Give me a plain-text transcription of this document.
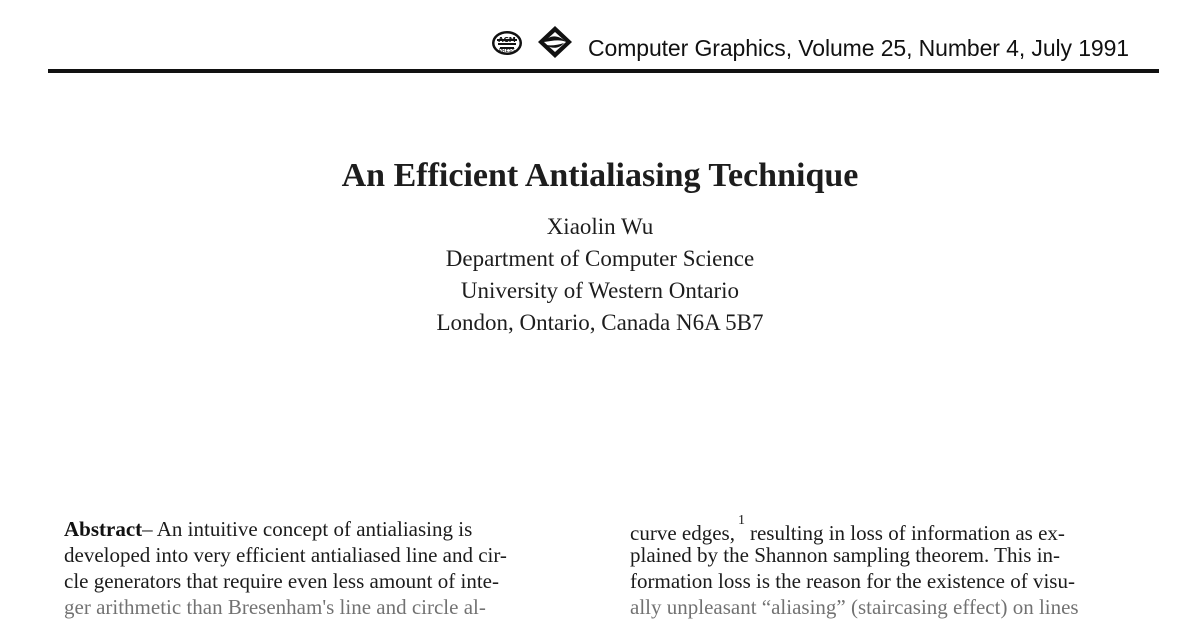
ACM
PRESS	Computer Graphics, Volume 25, Number 4, July 1991
An Efficient Antialiasing Technique
Xiaolin Wu
Department of Computer Science
University of Western Ontario
London, Ontario, Canada N6A 5B7
Abstract– An intuitive concept of antialiasing is
developed into very efficient antialiased line and cir-
cle generators that require even less amount of inte-
ger arithmetic than Bresenham's line and circle al-
curve edges,$^1$resulting in loss of information as ex-
plained by the Shannon sampling theorem. This in-
formation loss is the reason for the existence of visu-
ally unpleasant “aliasing” (staircasing effect) on lines
